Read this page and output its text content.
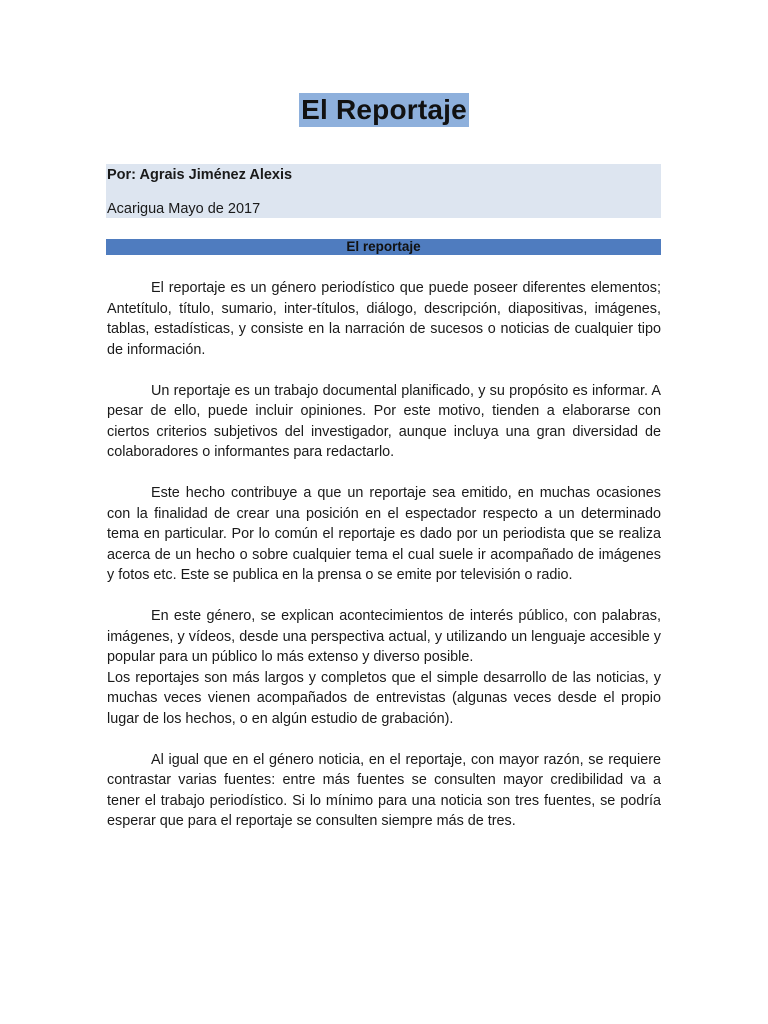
El Reportaje
Por: Agrais Jiménez Alexis
Acarigua Mayo de 2017
El reportaje

El reportaje es un género periodístico que puede poseer diferentes elementos; Antetítulo, título, sumario, inter-títulos, diálogo, descripción, diapositivas, imágenes, tablas, estadísticas, y consiste en la narración de sucesos o noticias de cualquier tipo de información.

Un reportaje es un trabajo documental planificado, y su propósito es informar. A pesar de ello, puede incluir opiniones. Por este motivo, tienden a elaborarse con ciertos criterios subjetivos del investigador, aunque incluya una gran diversidad de colaboradores o informantes para redactarlo.

Este hecho contribuye a que un reportaje sea emitido, en muchas ocasiones con la finalidad de crear una posición en el espectador respecto a un determinado tema en particular. Por lo común el reportaje es dado por un periodista que se realiza acerca de un hecho o sobre cualquier tema el cual suele ir acompañado de imágenes y fotos etc. Este se publica en la prensa o se emite por televisión o radio.

En este género, se explican acontecimientos de interés público, con palabras, imágenes, y vídeos, desde una perspectiva actual, y utilizando un lenguaje accesible y popular para un público lo más extenso y diverso posible.

Los reportajes son más largos y completos que el simple desarrollo de las noticias, y muchas veces vienen acompañados de entrevistas (algunas veces desde el propio lugar de los hechos, o en algún estudio de grabación).

Al igual que en el género noticia, en el reportaje, con mayor razón, se requiere contrastar varias fuentes: entre más fuentes se consulten mayor credibilidad va a tener el trabajo periodístico. Si lo mínimo para una noticia son tres fuentes, se podría esperar que para el reportaje se consulten siempre más de tres.
